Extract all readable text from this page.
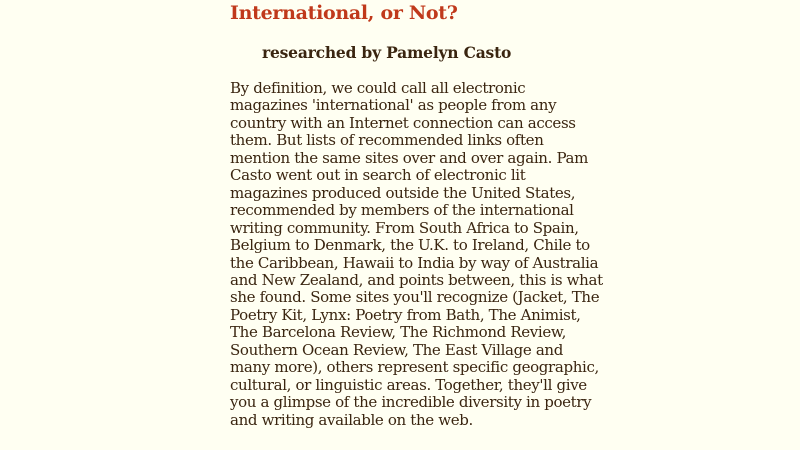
International, or Not?
researched by Pamelyn Casto
By definition, we could call all electronic
magazines 'international' as people from any
country with an Internet connection can access
them. But lists of recommended links often
mention the same sites over and over again. Pam
Casto went out in search of electronic lit
magazines produced outside the United States,
recommended by members of the international
writing community. From South Africa to Spain,
Belgium to Denmark, the U.K. to Ireland, Chile to
the Caribbean, Hawaii to India by way of Australia
and New Zealand, and points between, this is what
she found. Some sites you'll recognize (Jacket, The
Poetry Kit, Lynx: Poetry from Bath, The Animist,
The Barcelona Review, The Richmond Review,
Southern Ocean Review, The East Village and
many more), others represent specific geographic,
cultural, or linguistic areas. Together, they'll give
you a glimpse of the incredible diversity in poetry
and writing available on the web.
